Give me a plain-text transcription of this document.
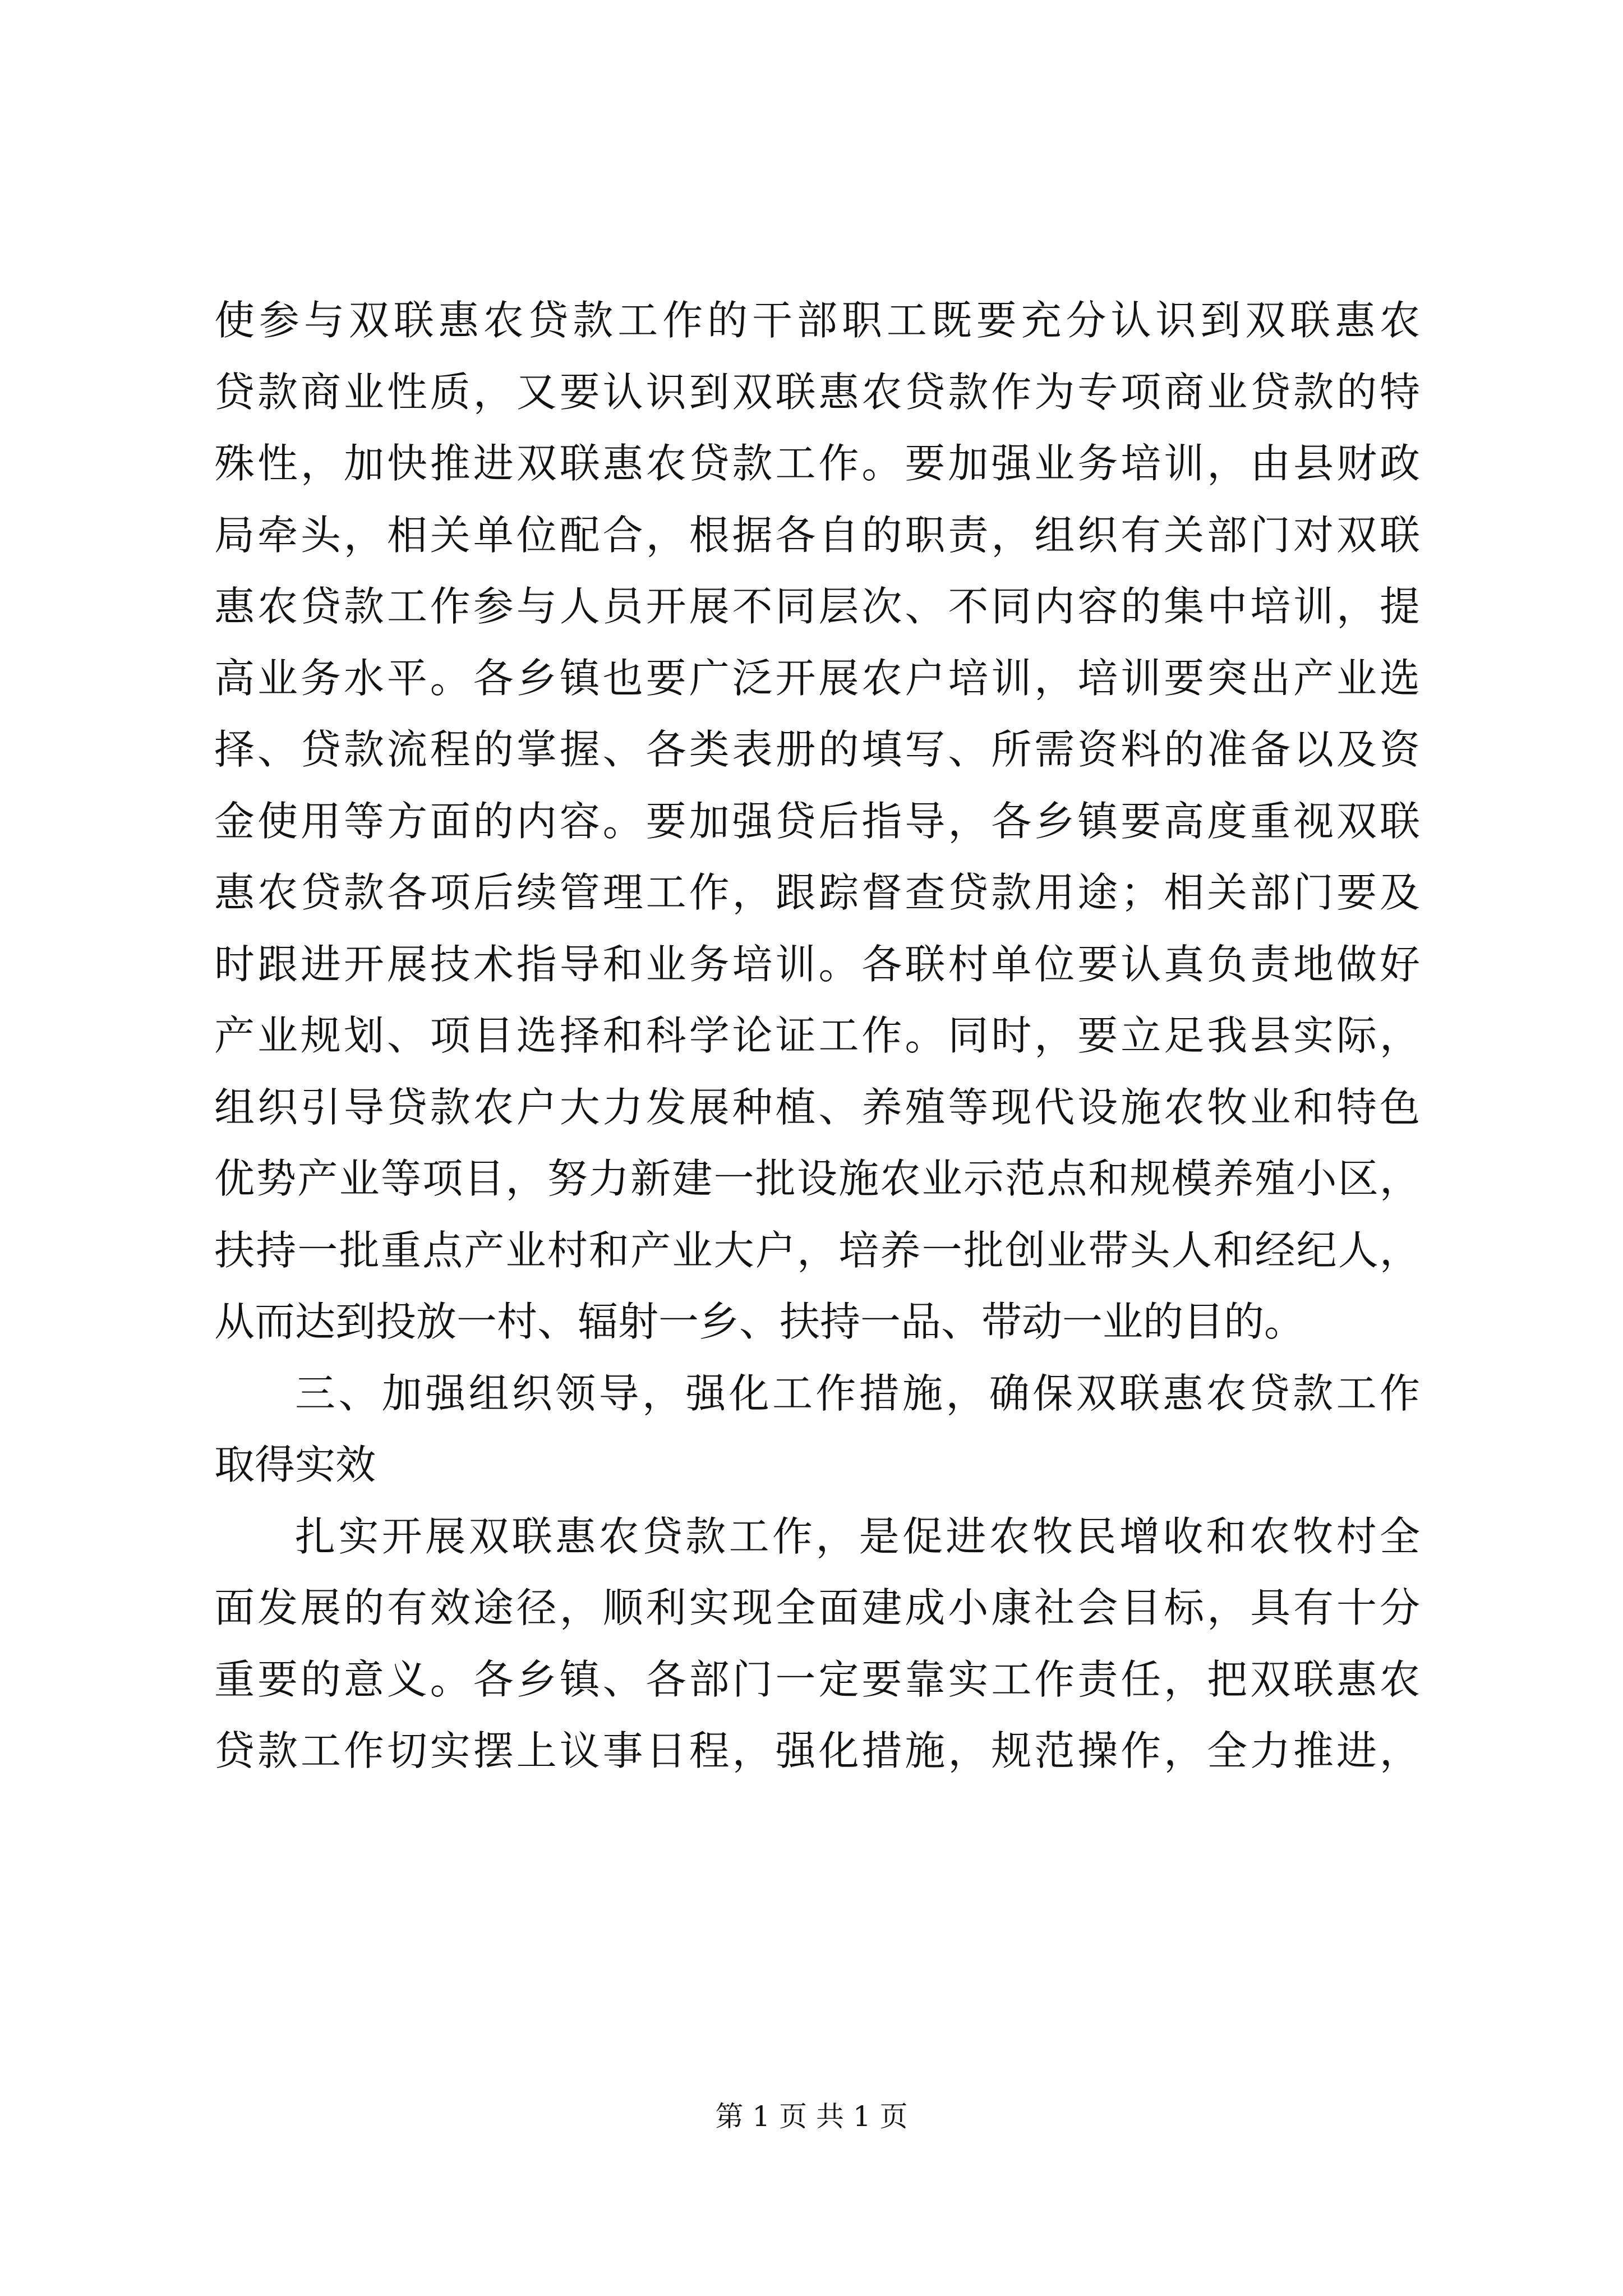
使参与双联惠农贷款工作的干部职工既要充分认识到双联惠农
贷款商业性质，又要认识到双联惠农贷款作为专项商业贷款的特
殊性，加快推进双联惠农贷款工作。要加强业务培训，由县财政
局牵头，相关单位配合，根据各自的职责，组织有关部门对双联
惠农贷款工作参与人员开展不同层次、不同内容的集中培训，提
高业务水平。各乡镇也要广泛开展农户培训，培训要突出产业选
择、贷款流程的掌握、各类表册的填写、所需资料的准备以及资
金使用等方面的内容。要加强贷后指导，各乡镇要高度重视双联
惠农贷款各项后续管理工作，跟踪督查贷款用途；相关部门要及
时跟进开展技术指导和业务培训。各联村单位要认真负责地做好
产业规划、项目选择和科学论证工作。同时，要立足我县实际，
组织引导贷款农户大力发展种植、养殖等现代设施农牧业和特色
优势产业等项目，努力新建一批设施农业示范点和规模养殖小区，
扶持一批重点产业村和产业大户，培养一批创业带头人和经纪人，
从而达到投放一村、辐射一乡、扶持一品、带动一业的目的。
三、加强组织领导，强化工作措施，确保双联惠农贷款工作
取得实效
扎实开展双联惠农贷款工作，是促进农牧民增收和农牧村全
面发展的有效途径，顺利实现全面建成小康社会目标，具有十分
重要的意义。各乡镇、各部门一定要靠实工作责任，把双联惠农
贷款工作切实摆上议事日程，强化措施，规范操作，全力推进，
第 1 页 共 1 页
